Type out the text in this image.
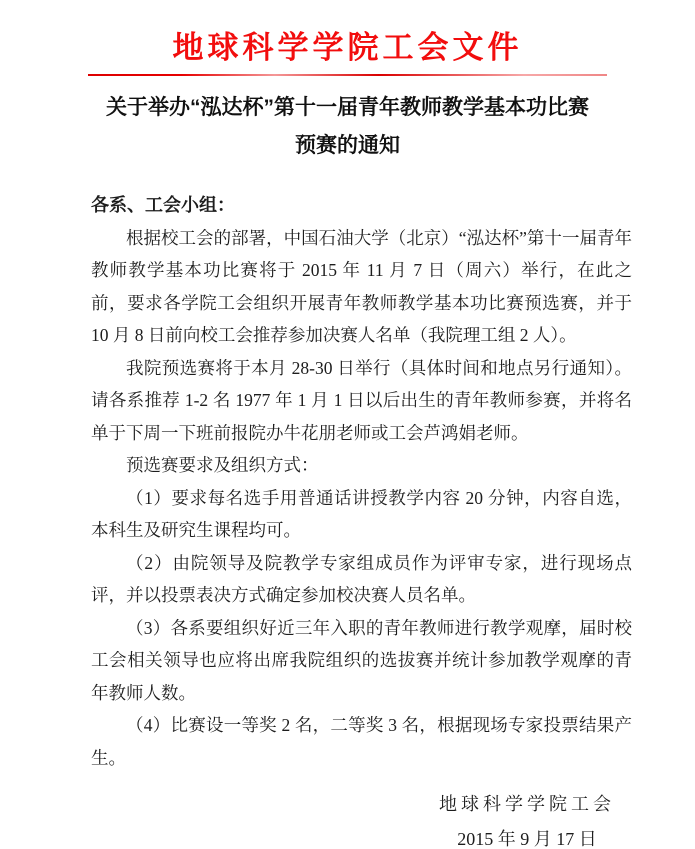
地球科学学院工会文件
关于举办“泓达杯”第十一届青年教师教学基本功比赛
预赛的通知
各系、工会小组：

根据校工会的部署，中国石油大学（北京）“泓达杯”第十一届青年教师教学基本功比赛将于 2015 年 11 月 7 日（周六）举行，在此之前，要求各学院工会组织开展青年教师教学基本功比赛预选赛，并于 10 月 8 日前向校工会推荐参加决赛人名单（我院理工组 2 人）。

我院预选赛将于本月 28-30 日举行（具体时间和地点另行通知）。请各系推荐 1-2 名 1977 年 1 月 1 日以后出生的青年教师参赛，并将名单于下周一下班前报院办牛花朋老师或工会芦鸿娟老师。

预选赛要求及组织方式：

（1）要求每名选手用普通话讲授教学内容 20 分钟，内容自选，本科生及研究生课程均可。

（2）由院领导及院教学专家组成员作为评审专家，进行现场点评，并以投票表决方式确定参加校决赛人员名单。

（3）各系要组织好近三年入职的青年教师进行教学观摩，届时校工会相关领导也应将出席我院组织的选拔赛并统计参加教学观摩的青年教师人数。

（4）比赛设一等奖 2 名，二等奖 3 名，根据现场专家投票结果产生。

地球科学学院工会
2015 年 9 月 17 日
